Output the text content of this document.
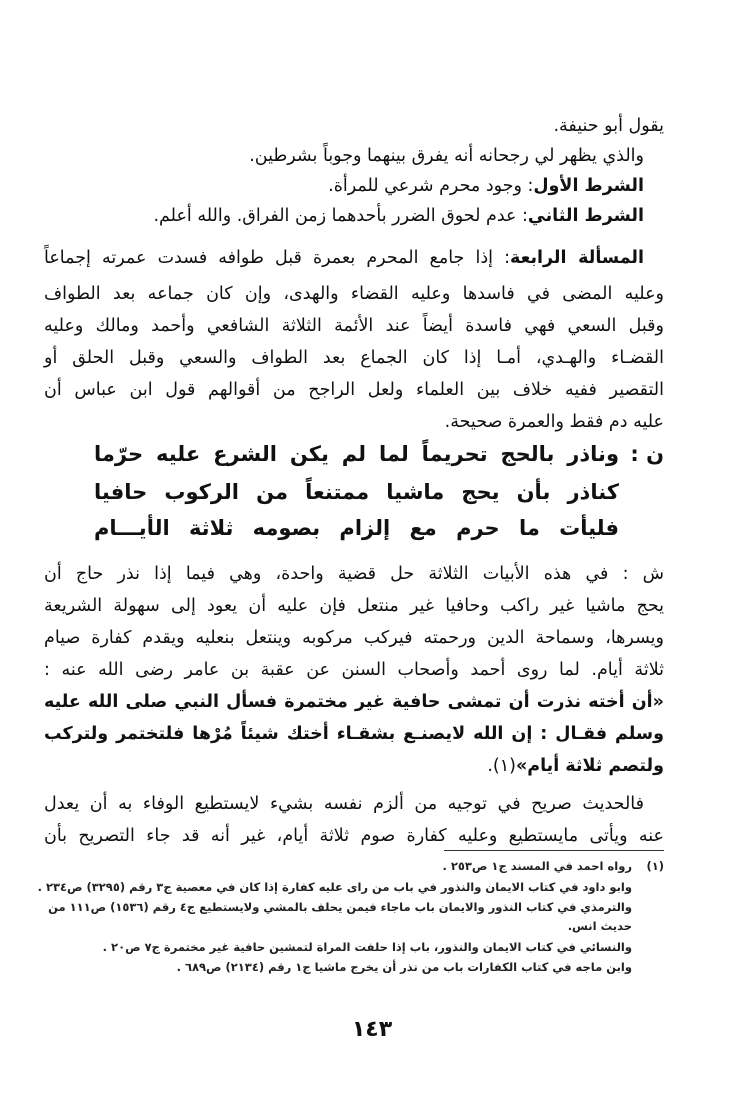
يقول أبو حنيفة.
والذي يظهر لي رجحانه أنه يفرق بينهما وجوباً بشرطين.
الشرط الأول: وجود محرم شرعي للمرأة.
الشرط الثاني: عدم لحوق الضرر بأحدهما زمن الفراق. والله أعلم.
المسألة الرابعة: إذا جامع المحرم بعمرة قبل طوافه فسدت عمرته إجماعاً
وعليه المضى في فاسدها وعليه القضاء والهدى، وإن كان جماعه بعد الطواف
وقبل السعي فهي فاسدة أيضاً عند الأئمة الثلاثة الشافعي وأحمد ومالك وعليه
القضـاء والهـدي، أمـا إذا كان الجماع بعد الطواف والسعي وقبل الحلق أو
التقصير ففيه خلاف بين العلماء ولعل الراجح من أقوالهم قول ابن عباس أن
عليه دم فقط والعمرة صحيحة.
ن :
وناذر بالحج تحريماً لما لم يكن الشرع عليه حرّما
كناذر بأن يحج ماشيا ممتنعاً من الركوب حافيا
فليأت ما حرم مع إلزام بصومه ثلاثة الأيـــام
ش : في هذه الأبيات الثلاثة حل قضية واحدة، وهي فيما إذا نذر حاج أن
يحج ماشيا غير راكب وحافيا غير منتعل فإن عليه أن يعود إلى سهولة الشريعة
ويسرها، وسماحة الدين ورحمته فيركب مركوبه وينتعل بنعليه ويقدم كفارة صيام
ثلاثة أيام. لما روى أحمد وأصحاب السنن عن عقبة بن عامر رضى الله عنه :
«أن أخته نذرت أن تمشى حافية غير مختمرة فسأل النبي صلى الله عليه
وسلم فقـال : إن الله لايصنـع بشقـاء أختك شيئاً مُرْها فلتختمر ولتركب
ولتصم ثلاثة أيام»(١).
فالحديث صريح في توجيه من ألزم نفسه بشيء لايستطيع الوفاء به أن يعدل
عنه ويأتى مايستطيع وعليه كفارة صوم ثلاثة أيام، غير أنه قد جاء التصريح بأن
(١)
رواه احمد في المسند ج١ ص٢٥٣ .
وابو داود في كتاب الايمان والنذور في باب من راى عليه كفارة إذا كان في معصية ج٣ رقم (٣٢٩٥) ص٢٣٤ .
والترمذي في كتاب النذور والايمان باب ماجاء فيمن يحلف بالمشي ولايستطيع ج٤ رقم (١٥٣٦) ص١١١ من
حديث انس.
والنسائي في كتاب الايمان والنذور، باب إذا حلفت المراة لتمشين حافية غير مختمرة ج٧ ص٢٠ .
وابن ماجه في كتاب الكفارات باب من نذر أن يخرج ماشيا ج١ رقم (٢١٣٤) ص٦٨٩ .
١٤٣
